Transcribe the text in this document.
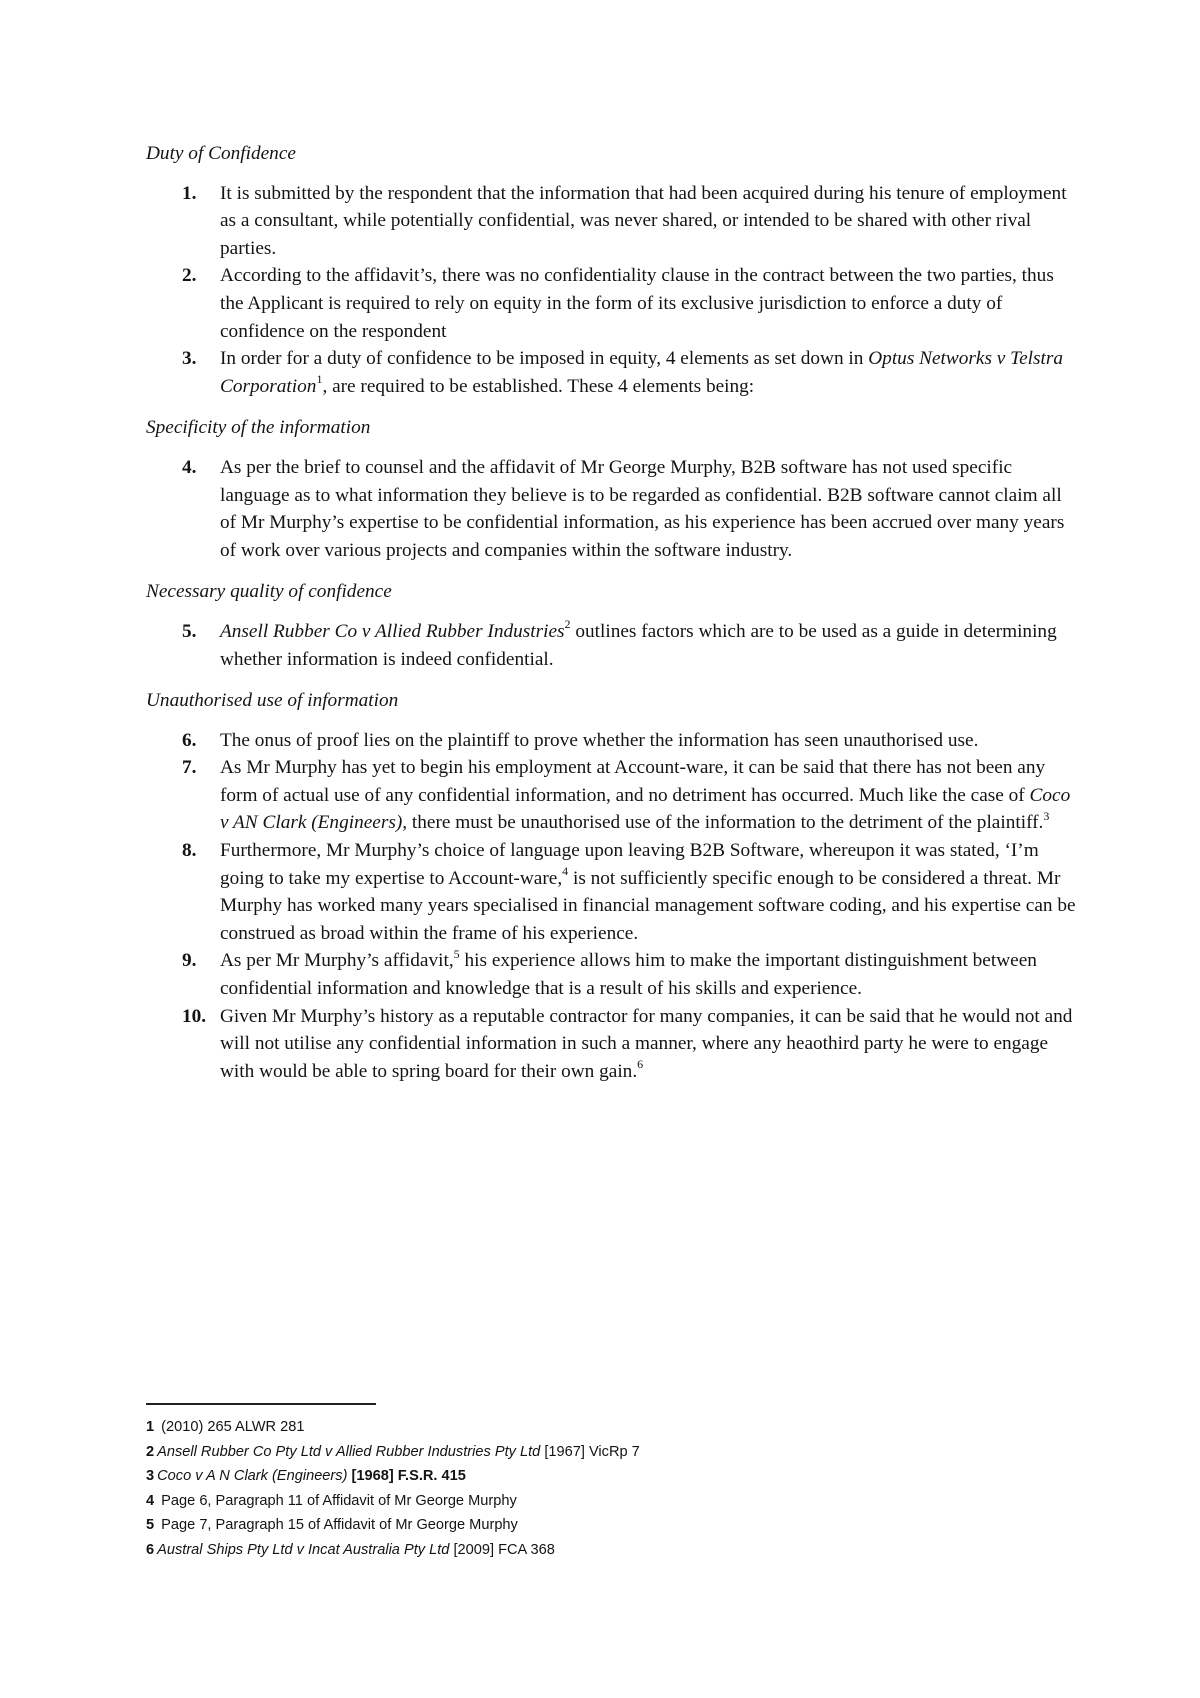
Duty of Confidence

1. It is submitted by the respondent that the information that had been acquired during his tenure of employment as a consultant, while potentially confidential, was never shared, or intended to be shared with other rival parties.
2. According to the affidavit’s, there was no confidentiality clause in the contract between the two parties, thus the Applicant is required to rely on equity in the form of its exclusive jurisdiction to enforce a duty of confidence on the respondent
3. In order for a duty of confidence to be imposed in equity, 4 elements as set down in Optus Networks v Telstra Corporation$^1$, are required to be established. These 4 elements being:

Specificity of the information

4. As per the brief to counsel and the affidavit of Mr George Murphy, B2B software has not used specific language as to what information they believe is to be regarded as confidential. B2B software cannot claim all of Mr Murphy’s expertise to be confidential information, as his experience has been accrued over many years of work over various projects and companies within the software industry.

Necessary quality of confidence

5. Ansell Rubber Co v Allied Rubber Industries$^2$ outlines factors which are to be used as a guide in determining whether information is indeed confidential.

Unauthorised use of information

6. The onus of proof lies on the plaintiff to prove whether the information has seen unauthorised use.
7. As Mr Murphy has yet to begin his employment at Account-ware, it can be said that there has not been any form of actual use of any confidential information, and no detriment has occurred. Much like the case of Coco v AN Clark (Engineers), there must be unauthorised use of the information to the detriment of the plaintiff.$^3$
8. Furthermore, Mr Murphy’s choice of language upon leaving B2B Software, whereupon it was stated, ‘I’m going to take my expertise to Account-ware,$^4$ is not sufficiently specific enough to be considered a threat. Mr Murphy has worked many years specialised in financial management software coding, and his expertise can be construed as broad within the frame of his experience.
9. As per Mr Murphy’s affidavit,$^5$ his experience allows him to make the important distinguishment between confidential information and knowledge that is a result of his skills and experience.
10. Given Mr Murphy’s history as a reputable contractor for many companies, it can be said that he would not and will not utilise any confidential information in such a manner, where any heaothird party he were to engage with would be able to spring board for their own gain.$^6$
1 (2010) 265 ALWR 281
2 Ansell Rubber Co Pty Ltd v Allied Rubber Industries Pty Ltd [1967] VicRp 7
3 Coco v A N Clark (Engineers) [1968] F.S.R. 415
4 Page 6, Paragraph 11 of Affidavit of Mr George Murphy
5 Page 7, Paragraph 15 of Affidavit of Mr George Murphy
6 Austral Ships Pty Ltd v Incat Australia Pty Ltd [2009] FCA 368
